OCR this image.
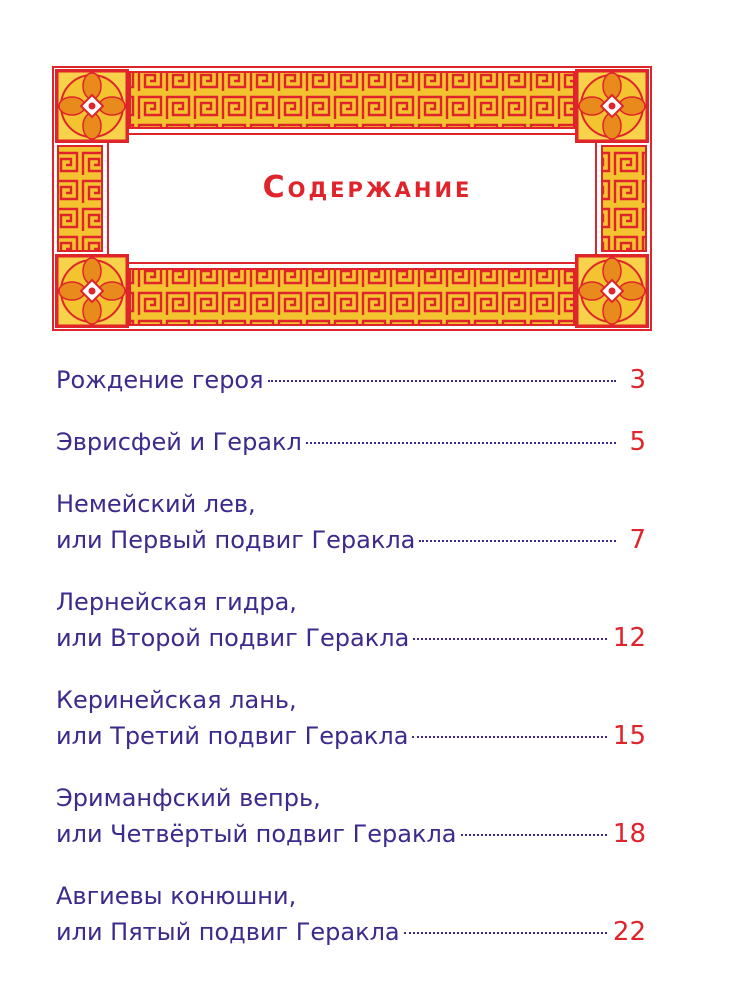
Содержание
Рождение героя	3
Эврисфей и Геракл	5
Немейский лев,
или Первый подвиг Геракла	7
Лернейская гидра,
или Второй подвиг Геракла	12
Керинейская лань,
или Третий подвиг Геракла	15
Эриманфский вепрь,
или Четвёртый подвиг Геракла	18
Авгиевы конюшни,
или Пятый подвиг Геракла	22
